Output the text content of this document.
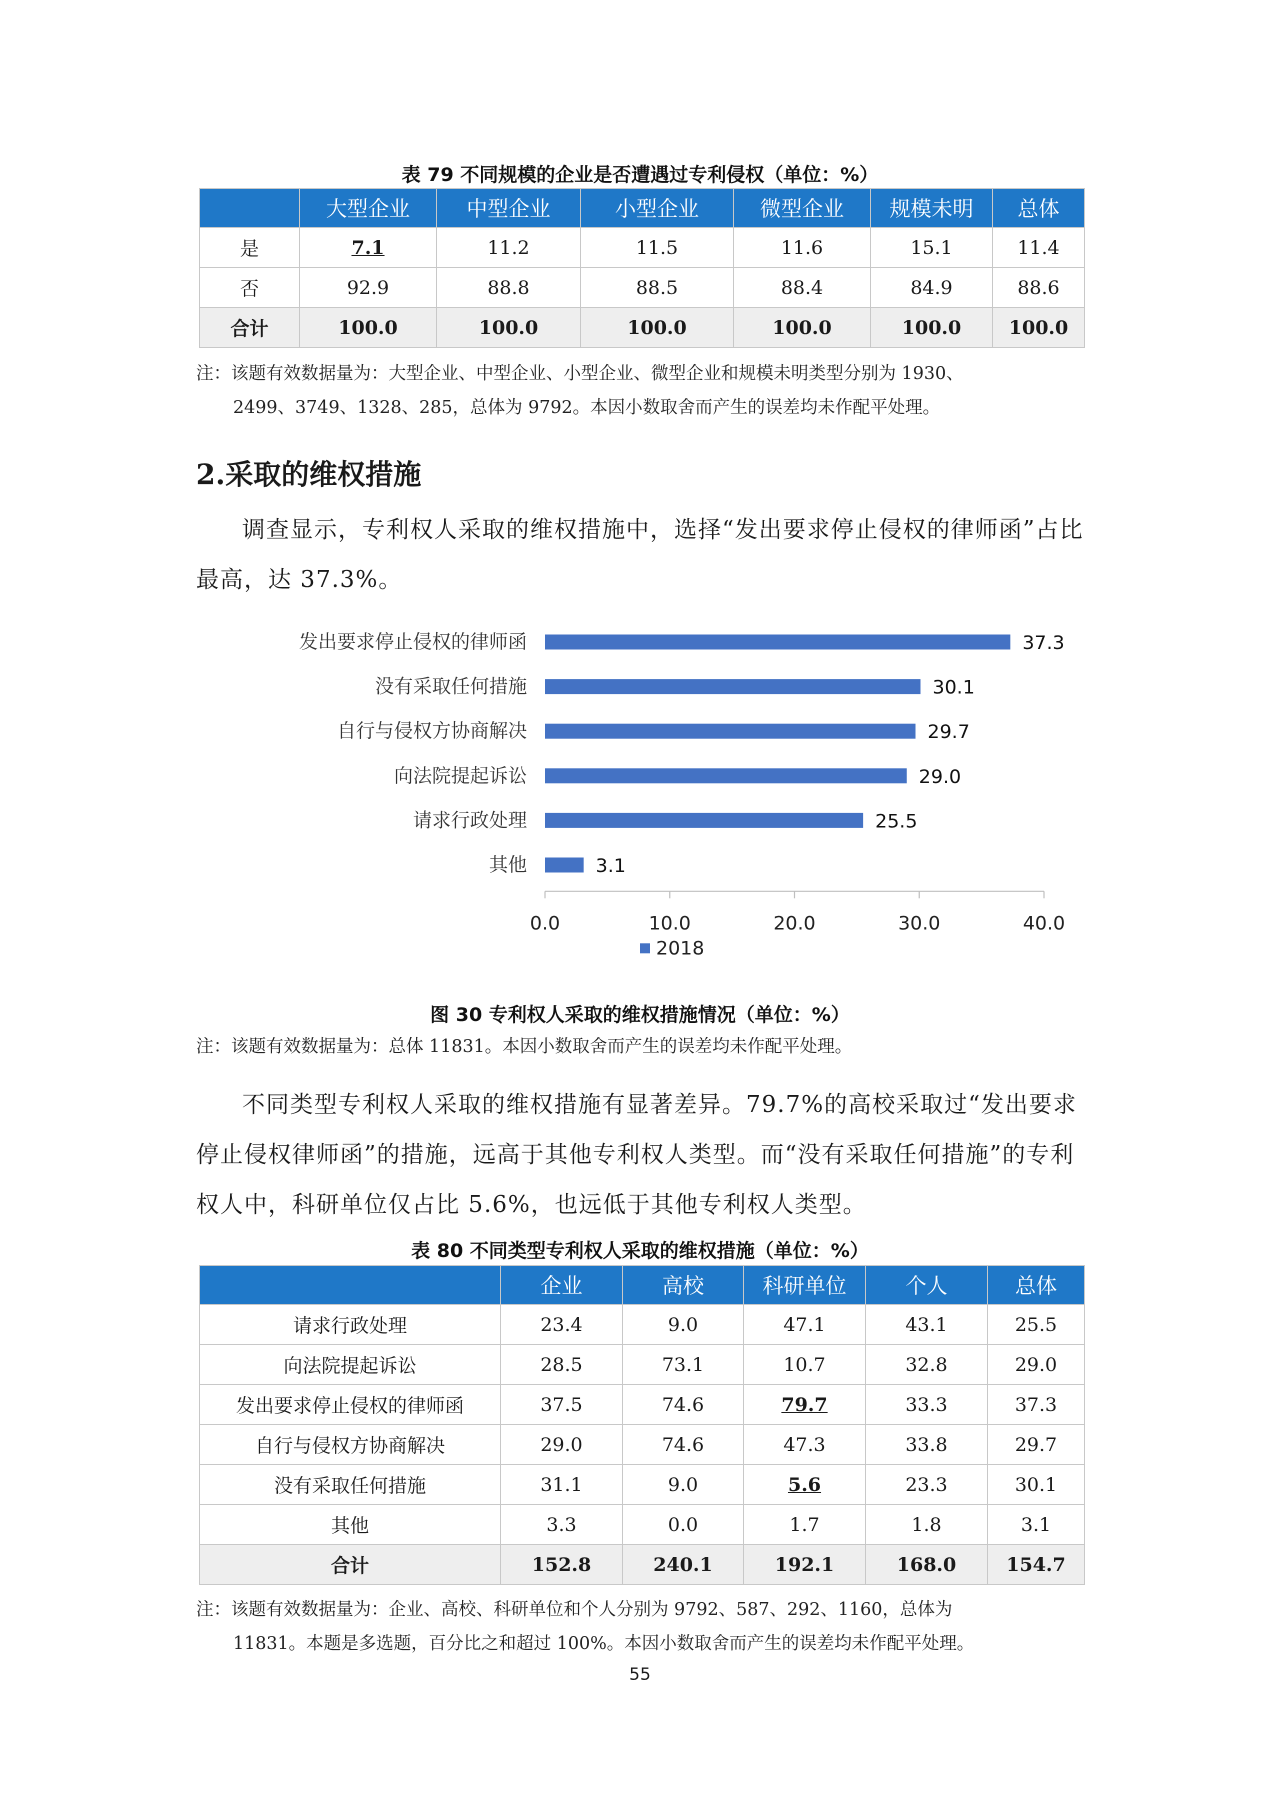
表 79 不同规模的企业是否遭遇过专利侵权（单位：%）
	大型企业	中型企业	小型企业	微型企业	规模未明	总体
是	7.1	11.2	11.5	11.6	15.1	11.4
否	92.9	88.8	88.5	88.4	84.9	88.6
合计	100.0	100.0	100.0	100.0	100.0	100.0
注：该题有效数据量为：大型企业、中型企业、小型企业、微型企业和规模未明类型分别为 1930、
2499、3749、1328、285，总体为 9792。本因小数取舍而产生的误差均未作配平处理。
2.采取的维权措施
调查显示，专利权人采取的维权措施中，选择“发出要求停止侵权的律师函”占比最高，达 37.3%。
发出要求停止侵权的律师函	37.3
没有采取任何措施	30.1
自行与侵权方协商解决	29.7
向法院提起诉讼	29.0
请求行政处理	25.5
其他	3.1
0.0	10.0	20.0	30.0	40.0
2018
图 30 专利权人采取的维权措施情况（单位：%）
注：该题有效数据量为：总体 11831。本因小数取舍而产生的误差均未作配平处理。
不同类型专利权人采取的维权措施有显著差异。79.7%的高校采取过“发出要求停止侵权律师函”的措施，远高于其他专利权人类型。而“没有采取任何措施”的专利权人中，科研单位仅占比 5.6%，也远低于其他专利权人类型。
表 80 不同类型专利权人采取的维权措施（单位：%）
	企业	高校	科研单位	个人	总体
请求行政处理	23.4	9.0	47.1	43.1	25.5
向法院提起诉讼	28.5	73.1	10.7	32.8	29.0
发出要求停止侵权的律师函	37.5	74.6	79.7	33.3	37.3
自行与侵权方协商解决	29.0	74.6	47.3	33.8	29.7
没有采取任何措施	31.1	9.0	5.6	23.3	30.1
其他	3.3	0.0	1.7	1.8	3.1
合计	152.8	240.1	192.1	168.0	154.7
注：该题有效数据量为：企业、高校、科研单位和个人分别为 9792、587、292、1160，总体为
11831。本题是多选题，百分比之和超过 100%。本因小数取舍而产生的误差均未作配平处理。
55
